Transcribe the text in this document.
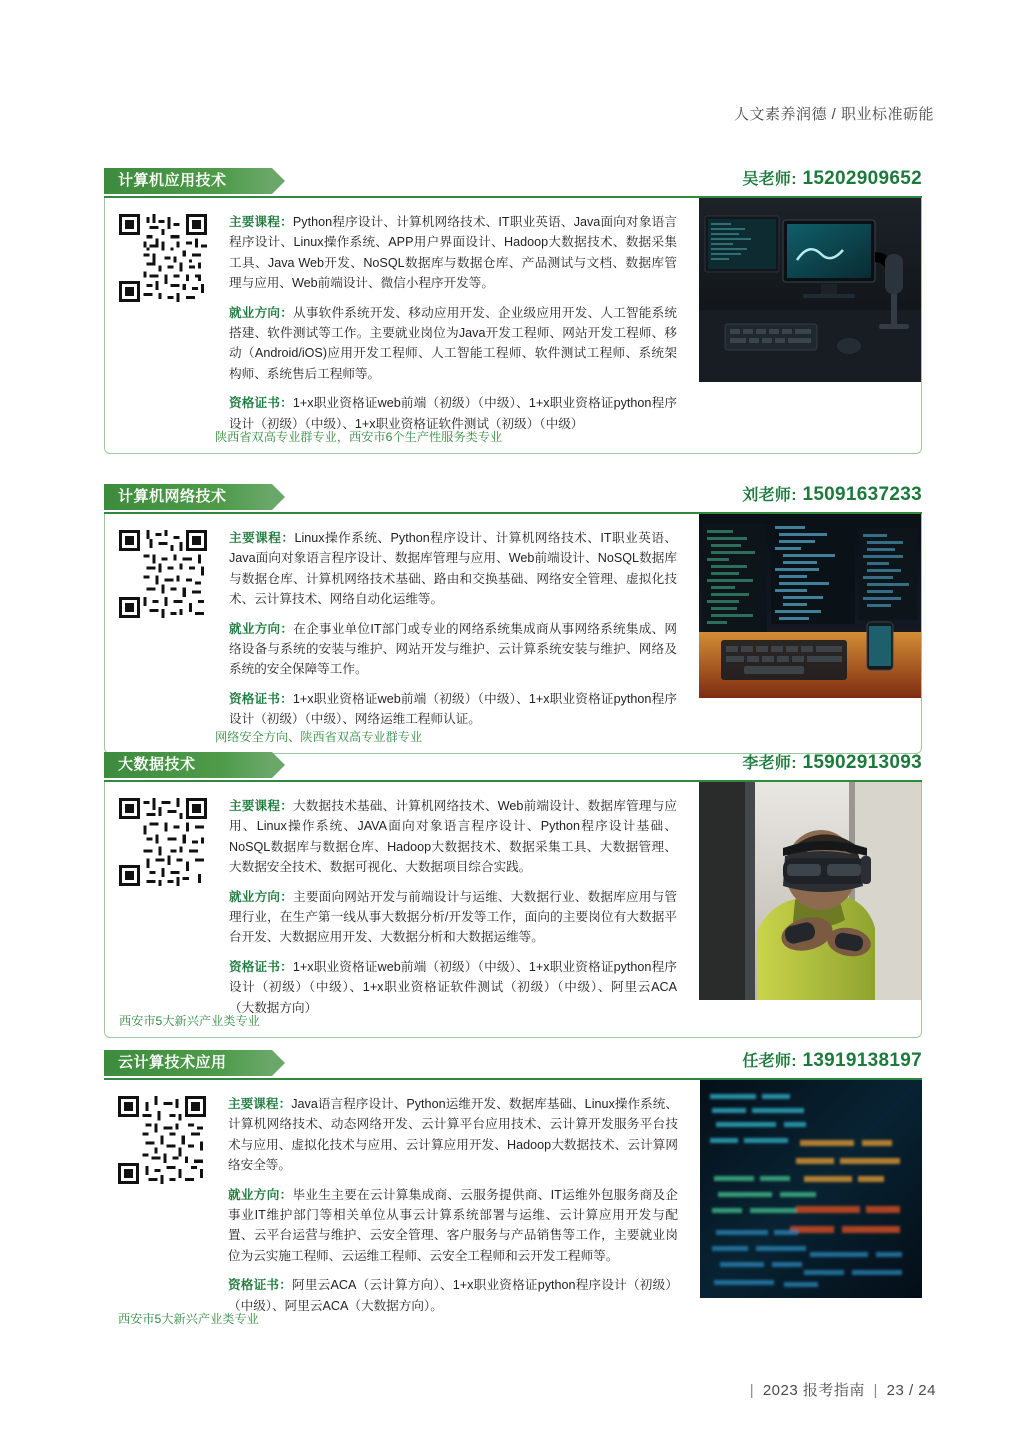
人文素养润德 / 职业标准砺能
计算机应用技术	吴老师: 15202909652
主要课程：Python程序设计、计算机网络技术、IT职业英语、Java面向对象语言程序设计、Linux操作系统、APP用户界面设计、Hadoop大数据技术、数据采集工具、Java Web开发、NoSQL数据库与数据仓库、产品测试与文档、数据库管理与应用、Web前端设计、微信小程序开发等。
就业方向：从事软件系统开发、移动应用开发、企业级应用开发、人工智能系统搭建、软件测试等工作。主要就业岗位为Java开发工程师、网站开发工程师、移动（Android/iOS)应用开发工程师、人工智能工程师、软件测试工程师、系统架构师、系统售后工程师等。
资格证书：1+x职业资格证web前端（初级）（中级）、1+x职业资格证python程序设计（初级）（中级）、1+x职业资格证软件测试（初级）（中级）
陕西省双高专业群专业，西安市6个生产性服务类专业
计算机网络技术	刘老师: 15091637233
主要课程：Linux操作系统、Python程序设计、计算机网络技术、IT职业英语、Java面向对象语言程序设计、数据库管理与应用、Web前端设计、NoSQL数据库与数据仓库、计算机网络技术基础、路由和交换基础、网络安全管理、虚拟化技术、云计算技术、网络自动化运维等。
就业方向：在企事业单位IT部门或专业的网络系统集成商从事网络系统集成、网络设备与系统的安装与维护、网站开发与维护、云计算系统安装与维护、网络及系统的安全保障等工作。
资格证书：1+x职业资格证web前端（初级）（中级）、1+x职业资格证python程序设计（初级）（中级）、网络运维工程师认证。
网络安全方向、陕西省双高专业群专业
大数据技术	李老师: 15902913093
主要课程：大数据技术基础、计算机网络技术、Web前端设计、数据库管理与应用、Linux操作系统、JAVA面向对象语言程序设计、Python程序设计基础、NoSQL数据库与数据仓库、Hadoop大数据技术、数据采集工具、大数据管理、大数据安全技术、数据可视化、大数据项目综合实践。
就业方向：主要面向网站开发与前端设计与运维、大数据行业、数据库应用与管理行业，在生产第一线从事大数据分析/开发等工作，面向的主要岗位有大数据平台开发、大数据应用开发、大数据分析和大数据运维等。
资格证书：1+x职业资格证web前端（初级）（中级）、1+x职业资格证python程序设计（初级）（中级）、1+x职业资格证软件测试（初级）（中级）、阿里云ACA（大数据方向）
西安市5大新兴产业类专业
云计算技术应用	任老师: 13919138197
主要课程：Java语言程序设计、Python运维开发、数据库基础、Linux操作系统、计算机网络技术、动态网络开发、云计算平台应用技术、云计算开发服务平台技术与应用、虚拟化技术与应用、云计算应用开发、Hadoop大数据技术、云计算网络安全等。
就业方向：毕业生主要在云计算集成商、云服务提供商、IT运维外包服务商及企事业IT维护部门等相关单位从事云计算系统部署与运维、云计算应用开发与配置、云平台运营与维护、云安全管理、客户服务与产品销售等工作，主要就业岗位为云实施工程师、云运维工程师、云安全工程师和云开发工程师等。
资格证书：阿里云ACA（云计算方向）、1+x职业资格证python程序设计（初级）（中级）、阿里云ACA（大数据方向）。
西安市5大新兴产业类专业
| 2023 报考指南 | 23 / 24
